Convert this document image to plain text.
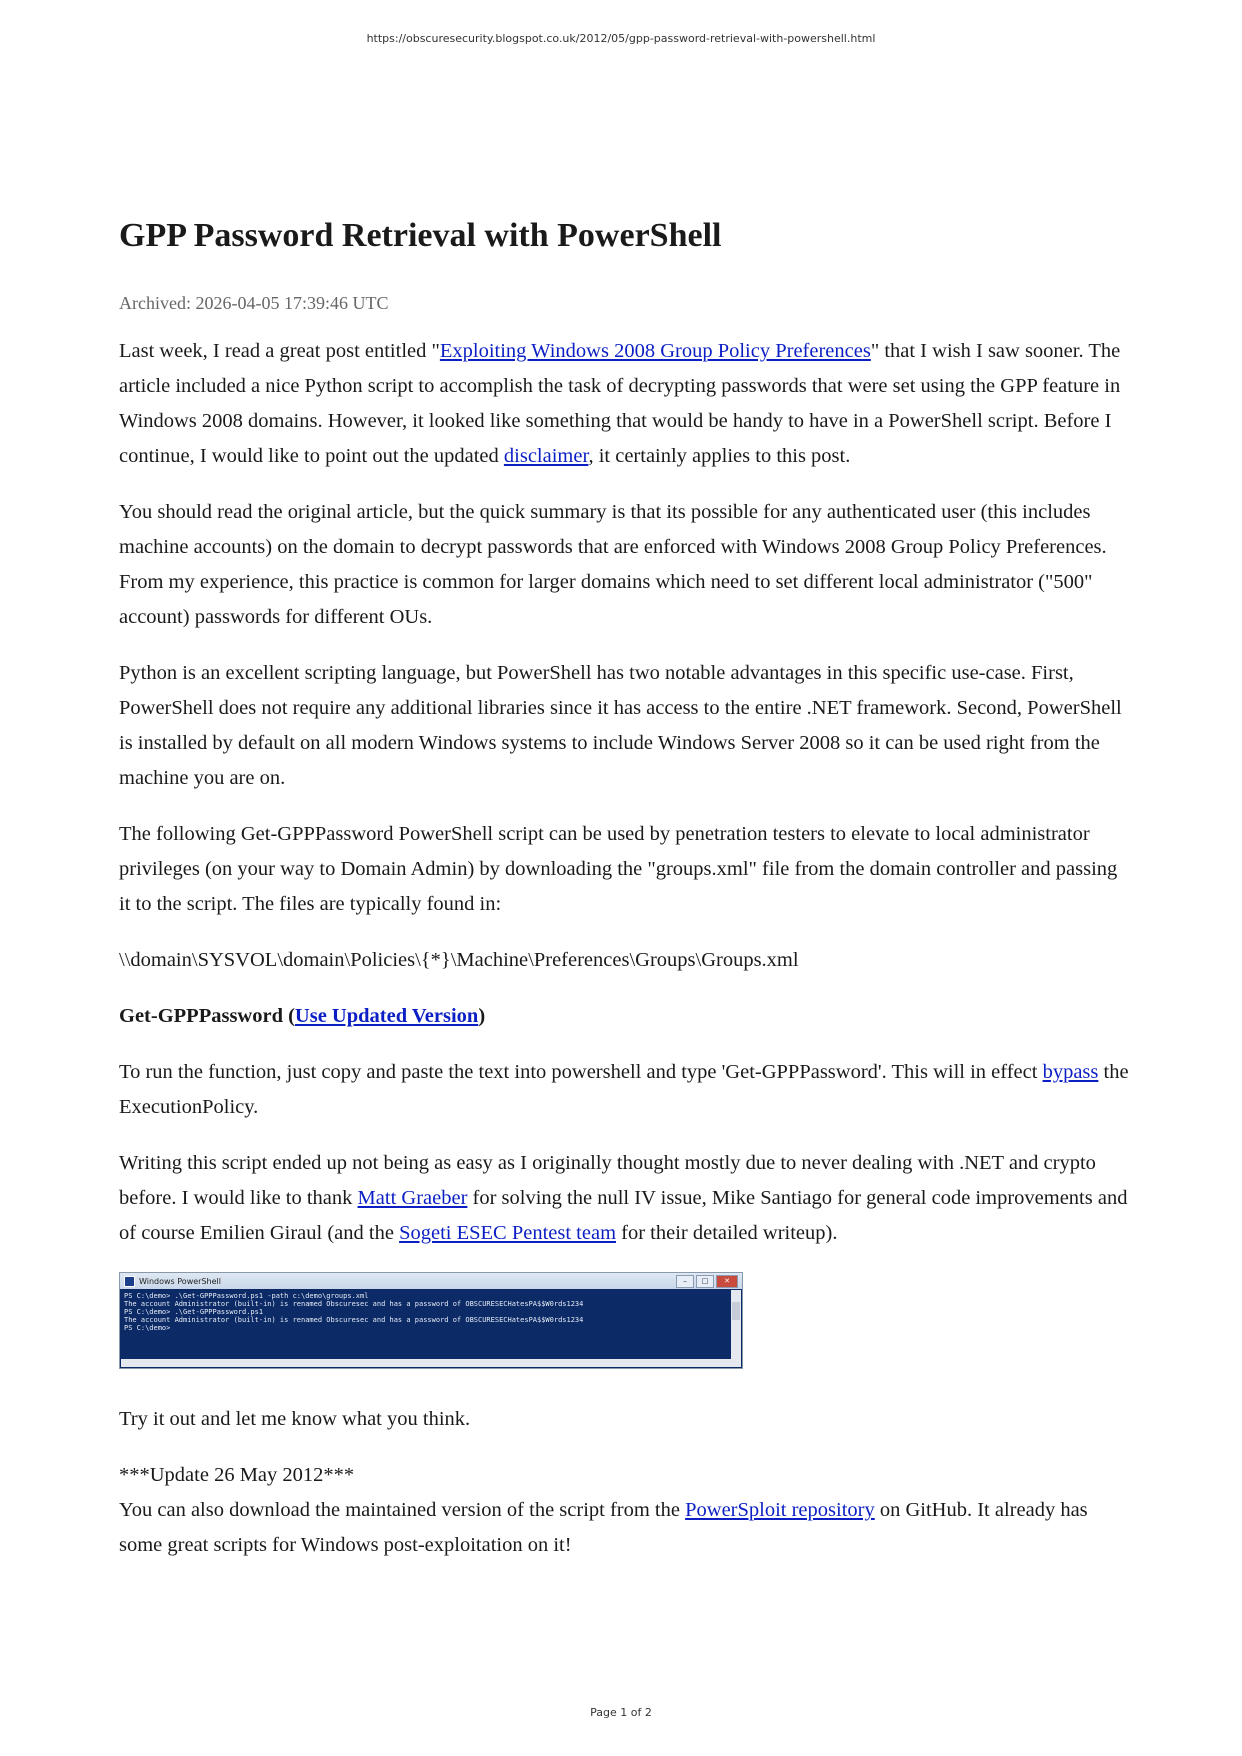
https://obscuresecurity.blogspot.co.uk/2012/05/gpp-password-retrieval-with-powershell.html
GPP Password Retrieval with PowerShell
Archived: 2026-04-05 17:39:46 UTC

Last week, I read a great post entitled "Exploiting Windows 2008 Group Policy Preferences" that I wish I saw sooner. The article included a nice Python script to accomplish the task of decrypting passwords that were set using the GPP feature in Windows 2008 domains. However, it looked like something that would be handy to have in a PowerShell script. Before I continue, I would like to point out the updated disclaimer, it certainly applies to this post.

You should read the original article, but the quick summary is that its possible for any authenticated user (this includes machine accounts) on the domain to decrypt passwords that are enforced with Windows 2008 Group Policy Preferences. From my experience, this practice is common for larger domains which need to set different local administrator ("500" account) passwords for different OUs.

Python is an excellent scripting language, but PowerShell has two notable advantages in this specific use-case. First, PowerShell does not require any additional libraries since it has access to the entire .NET framework. Second, PowerShell is installed by default on all modern Windows systems to include Windows Server 2008 so it can be used right from the machine you are on.

The following Get-GPPPassword PowerShell script can be used by penetration testers to elevate to local administrator privileges (on your way to Domain Admin) by downloading the "groups.xml" file from the domain controller and passing it to the script. The files are typically found in:

\\domain\SYSVOL\domain\Policies\{*}\Machine\Preferences\Groups\Groups.xml

Get-GPPPassword (Use Updated Version)

To run the function, just copy and paste the text into powershell and type 'Get-GPPPassword'. This will in effect bypass the ExecutionPolicy.

Writing this script ended up not being as easy as I originally thought mostly due to never dealing with .NET and crypto before. I would like to thank Matt Graeber for solving the null IV issue, Mike Santiago for general code improvements and of course Emilien Giraul (and the Sogeti ESEC Pentest team for their detailed writeup).

Windows PowerShell	–	□	✕
PS C:\demo> .\Get-GPPPassword.ps1 -path c:\demo\groups.xml
The account Administrator (built-in) is renamed Obscuresec and has a password of OBSCURESECHatesPA$$W0rds1234
PS C:\demo> .\Get-GPPPassword.ps1
The account Administrator (built-in) is renamed Obscuresec and has a password of OBSCURESECHatesPA$$W0rds1234
PS C:\demo>

Try it out and let me know what you think.

***Update 26 May 2012***
You can also download the maintained version of the script from the PowerSploit repository on GitHub. It already has some great scripts for Windows post-exploitation on it!

Page 1 of 2
